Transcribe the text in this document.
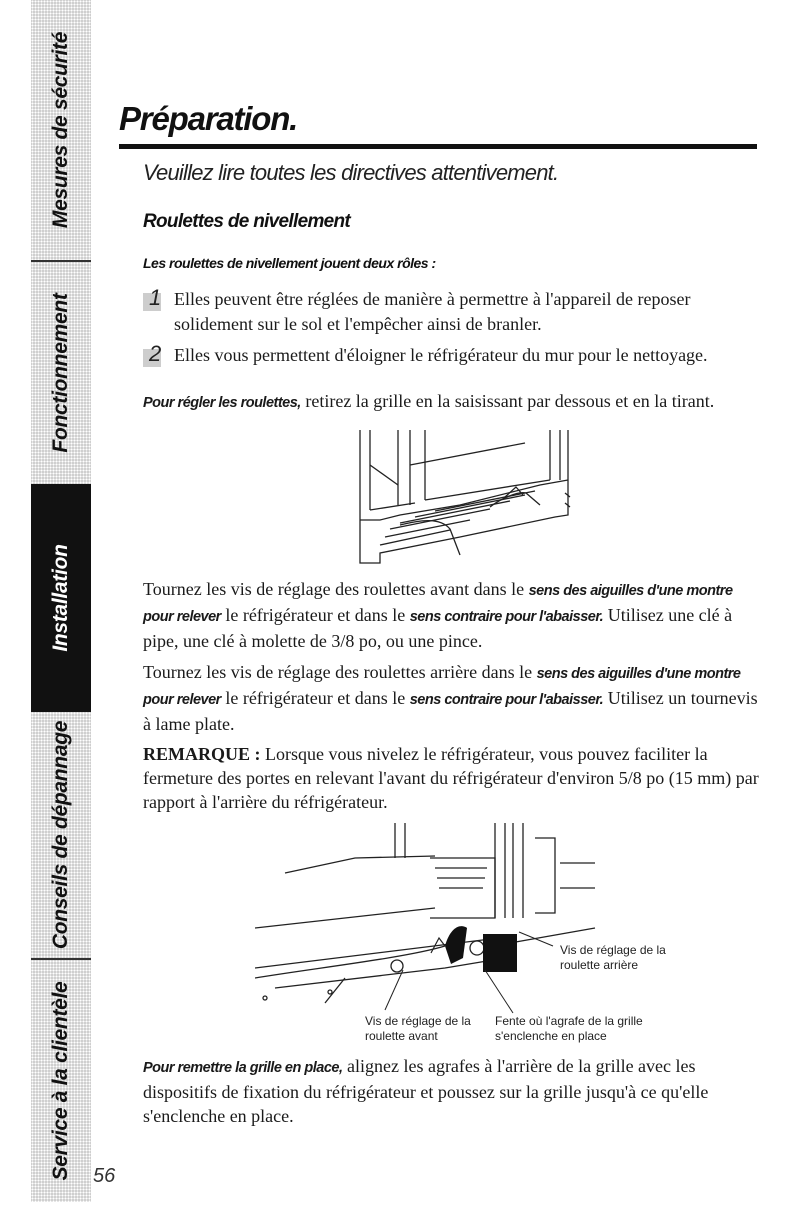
Mesures de sécurité
Fonctionnement
Installation
Conseils de dépannage
Service à la clientèle 56
Préparation.
Veuillez lire toutes les directives attentivement.
Roulettes de nivellement
Les roulettes de nivellement jouent deux rôles :
1 Elles peuvent être réglées de manière à permettre à l'appareil de reposer solidement sur le sol et l'empêcher ainsi de branler.
2 Elles vous permettent d'éloigner le réfrigérateur du mur pour le nettoyage.
Pour régler les roulettes, retirez la grille en la saisissant par dessous et en la tirant.
Tournez les vis de réglage des roulettes avant dans le sens des aiguilles d'une montre pour relever le réfrigérateur et dans le sens contraire pour l'abaisser. Utilisez une clé à pipe, une clé à molette de 3/8 po, ou une pince.
Tournez les vis de réglage des roulettes arrière dans le sens des aiguilles d'une montre pour relever le réfrigérateur et dans le sens contraire pour l'abaisser. Utilisez un tournevis à lame plate.
REMARQUE : Lorsque vous nivelez le réfrigérateur, vous pouvez faciliter la fermeture des portes en relevant l'avant du réfrigérateur d'environ 5/8 po (15 mm) par rapport à l'arrière du réfrigérateur.
Vis de réglage de la
roulette arrière
Vis de réglage de la
roulette avant
Fente où l'agrafe de la grille
s'enclenche en place
Pour remettre la grille en place, alignez les agrafes à l'arrière de la grille avec les dispositifs de fixation du réfrigérateur et poussez sur la grille jusqu'à ce qu'elle s'enclenche en place.
